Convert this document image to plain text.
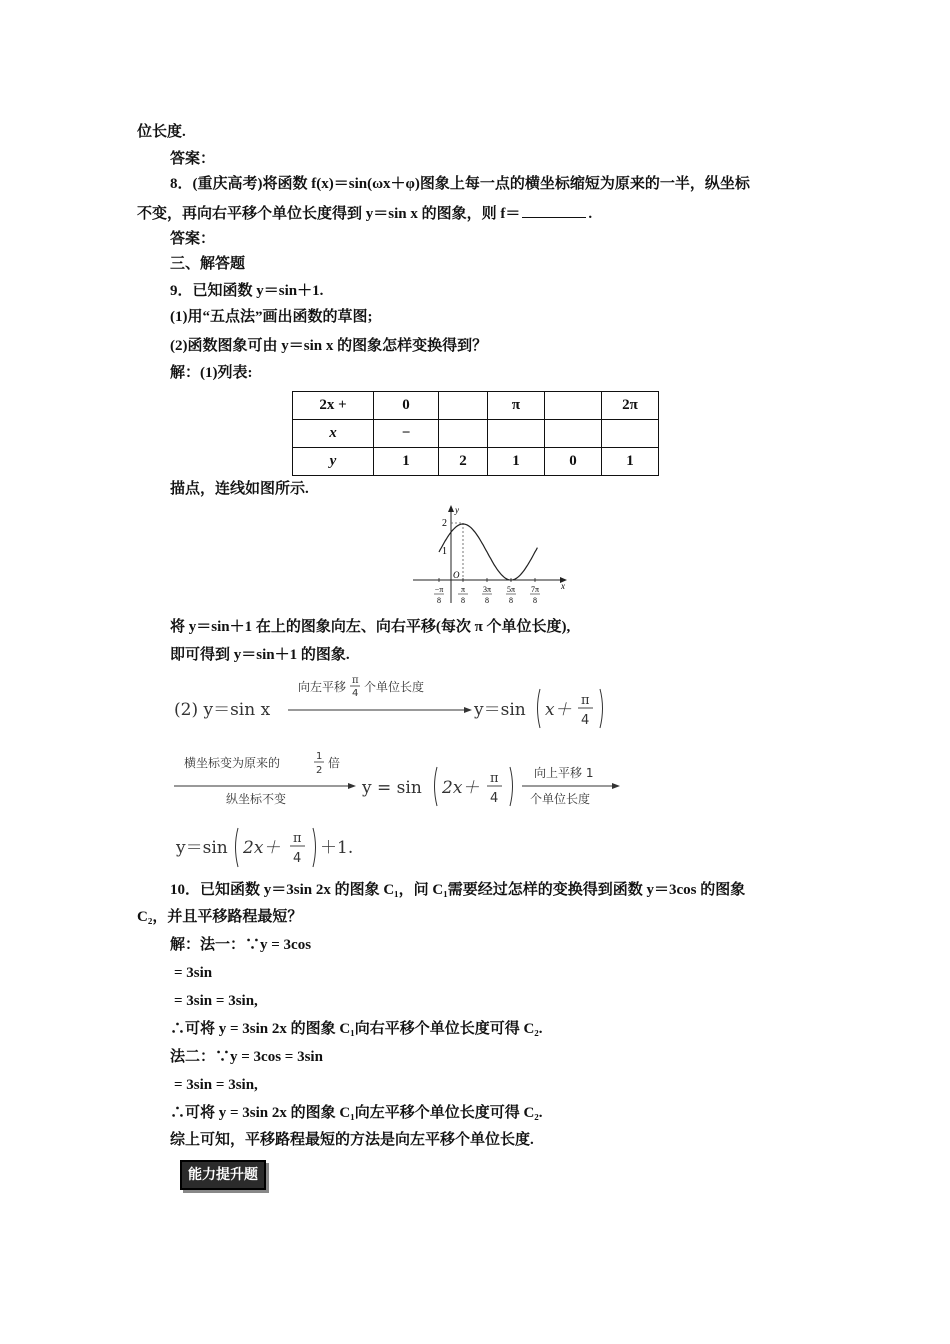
位长度.
答案：
8．(重庆高考)将函数 f(x)＝sin(ωx＋φ)图象上每一点的横坐标缩短为原来的一半，纵坐标
不变，再向右平移个单位长度得到 y＝sin x 的图象，则 f＝	.
答案：
三、解答题
9．已知函数 y＝sin＋1.
(1)用“五点法”画出函数的草图;
(2)函数图象可由 y＝sin x 的图象怎样变换得到？
解：(1)列表:
2x +	0		π		2π
x	−				
y	1	2	1	0	1
描点，连线如图所示.
y
x
2
1
O
−π
8
π
8
3π
8
5π
8
7π
8
将 y＝sin＋1 在上的图象向左、向右平移(每次 π 个单位长度),
即可得到 y＝sin＋1 的图象.
(2) y＝sin x
向左平移 π
4 个单位长度
y＝sin x＋ π
4
横坐标变为原来的	1
2
倍
纵坐标不变
y = sin 2x＋ π
4
向上平移 1
个单位长度
y＝sin 2x＋ π
4
＋1.
10．已知函数 y＝3sin 2x 的图象 C₁，问 C₁需要经过怎样的变换得到函数 y＝3cos 的图象
C₂，并且平移路程最短？
解：法一：∵y = 3cos
= 3sin
= 3sin = 3sin,
∴可将 y = 3sin 2x 的图象 C₁向右平移个单位长度可得 C₂.
法二：∵y = 3cos = 3sin
= 3sin = 3sin,
∴可将 y = 3sin 2x 的图象 C₁向左平移个单位长度可得 C₂.
综上可知，平移路程最短的方法是向左平移个单位长度.
能力提升题
